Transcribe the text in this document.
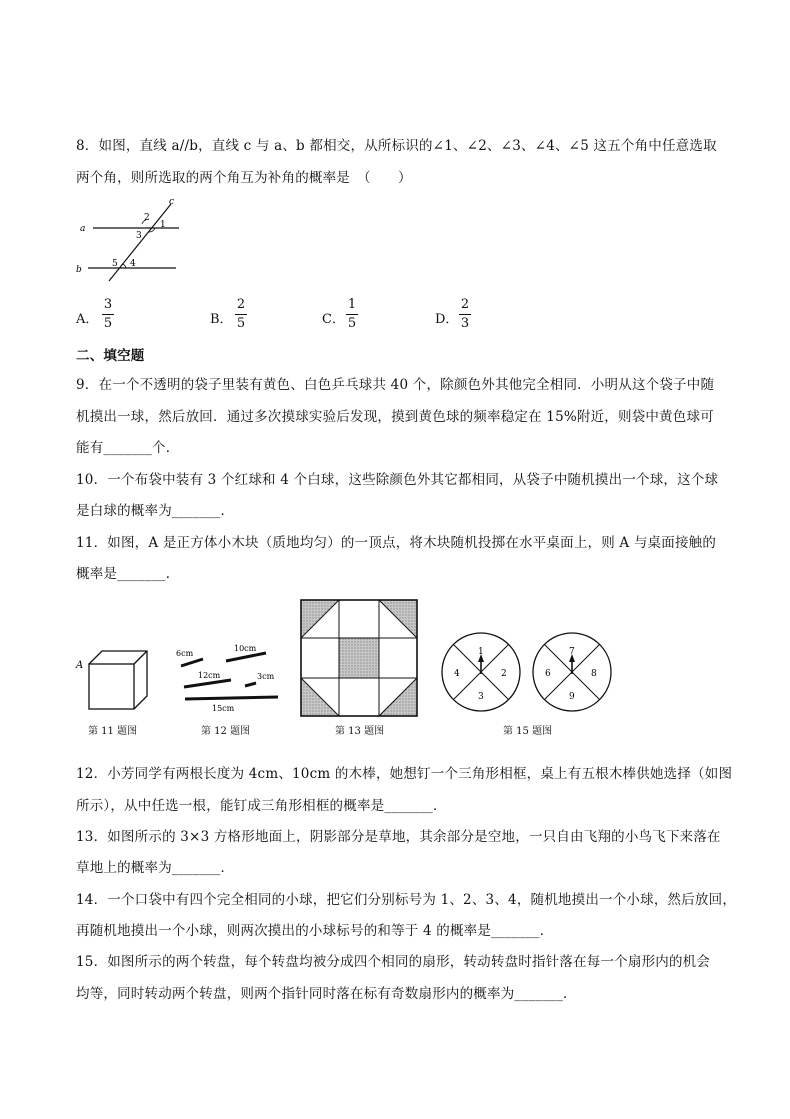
8．如图，直线 a//b，直线 c 与 a、b 都相交，从所标识的∠1、∠2、∠3、∠4、∠5 这五个角中任意选取
两个角，则所选取的两个角互为补角的概率是　（　　）
a
b
c
1
2
3
4
5
A．
3
5	B．
2
5	C．
1
5	D．
2
3
二、填空题
9．在一个不透明的袋子里装有黄色、白色乒乓球共 40 个，除颜色外其他完全相同．小明从这个袋子中随
机摸出一球，然后放回．通过多次摸球实验后发现，摸到黄色球的频率稳定在 15%附近，则袋中黄色球可
能有_______个．
10．一个布袋中装有 3 个红球和 4 个白球，这些除颜色外其它都相同，从袋子中随机摸出一个球，这个球
是白球的概率为_______．
11．如图，A 是正方体小木块（质地均匀）的一顶点，将木块随机投掷在水平桌面上，则 A 与桌面接触的
概率是_______．
A
第 11 题图
6cm
10cm
12cm	3cm
15cm
第 12 题图	第 13 题图
1
2
3
4
7
8
9
6
第 15 题图
12．小芳同学有两根长度为 4cm、10cm 的木棒，她想钉一个三角形相框，桌上有五根木棒供她选择（如图
所示），从中任选一根，能钉成三角形相框的概率是_______．
13．如图所示的 3×3 方格形地面上，阴影部分是草地，其余部分是空地，一只自由飞翔的小鸟飞下来落在
草地上的概率为_______．
14．一个口袋中有四个完全相同的小球，把它们分别标号为 1、2、3、4，随机地摸出一个小球，然后放回，
再随机地摸出一个小球，则两次摸出的小球标号的和等于 4 的概率是_______．
15．如图所示的两个转盘，每个转盘均被分成四个相同的扇形，转动转盘时指针落在每一个扇形内的机会
均等，同时转动两个转盘，则两个指针同时落在标有奇数扇形内的概率为_______．
